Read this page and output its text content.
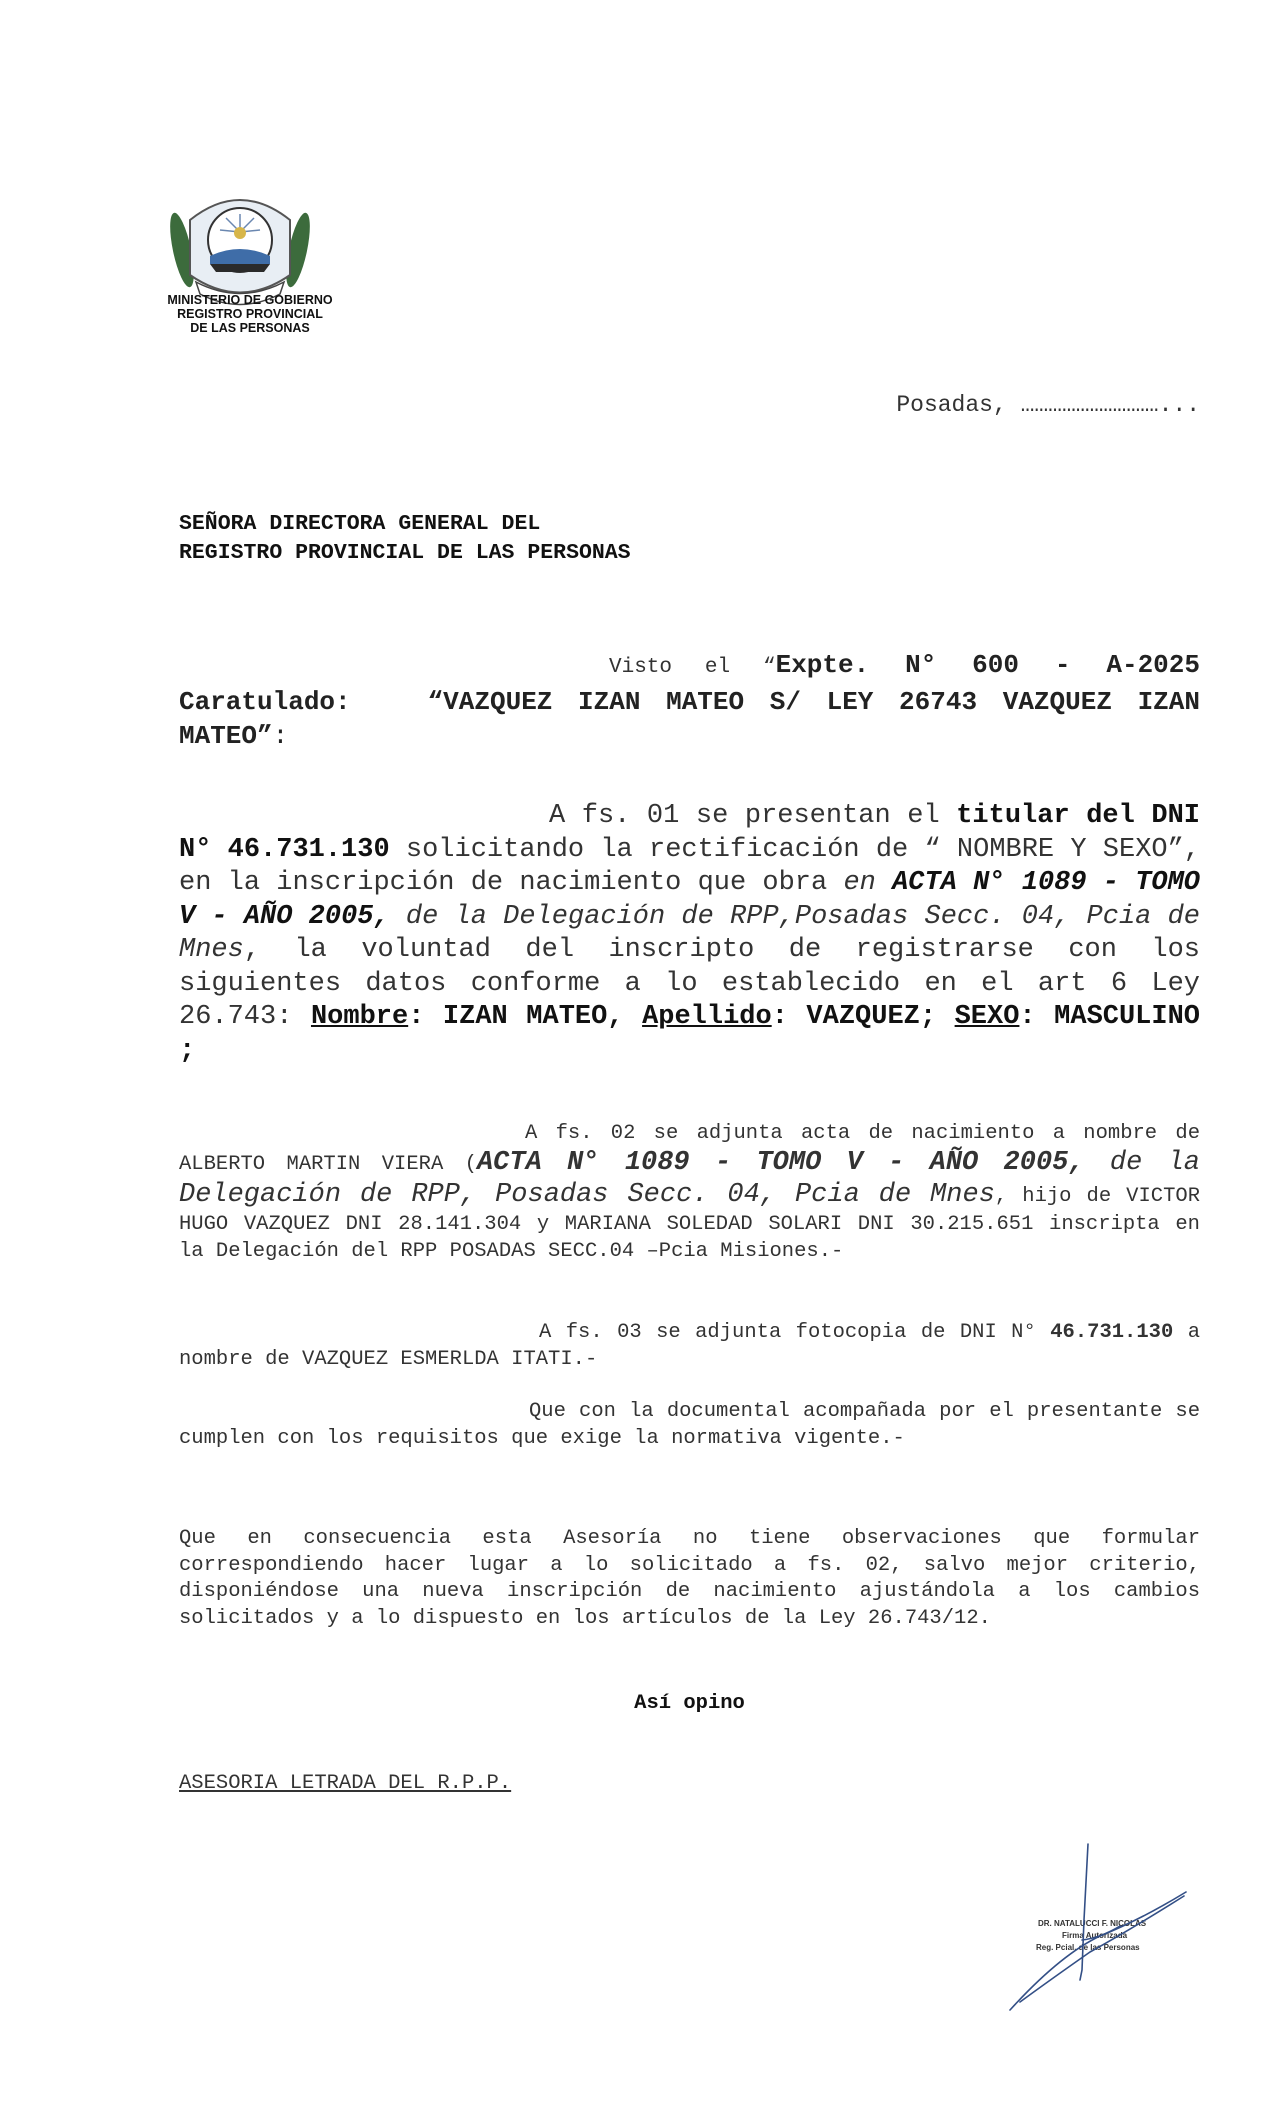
MINISTERIO DE GOBIERNO
REGISTRO PROVINCIAL
DE LAS PERSONAS
Posadas, …………………………...
SEÑORA DIRECTORA GENERAL DEL
REGISTRO PROVINCIAL DE LAS PERSONAS
Visto el “Expte. N° 600 - A-2025 Caratulado:	“VAZQUEZ IZAN MATEO S/ LEY 26743 VAZQUEZ IZAN MATEO”:

A fs. 01 se presentan el titular del DNI N° 46.731.130 solicitando la rectificación de “ NOMBRE Y SEXO”, en la inscripción de nacimiento que obra en ACTA N° 1089 - TOMO V - AÑO 2005, de la Delegación de RPP,Posadas Secc. 04, Pcia de Mnes, la voluntad del inscripto de registrarse con los siguientes datos conforme a lo establecido en el art 6 Ley 26.743: Nombre: IZAN MATEO, Apellido: VAZQUEZ; SEXO: MASCULINO ;

A fs. 02 se adjunta acta de nacimiento a nombre de ALBERTO MARTIN VIERA (ACTA N° 1089 - TOMO V - AÑO 2005, de la Delegación de RPP, Posadas Secc. 04, Pcia de Mnes, hijo de VICTOR HUGO VAZQUEZ DNI 28.141.304 y MARIANA SOLEDAD SOLARI DNI 30.215.651 inscripta en la Delegación del RPP POSADAS SECC.04 –Pcia Misiones.-

A fs. 03 se adjunta fotocopia de DNI N° 46.731.130 a nombre de VAZQUEZ ESMERLDA ITATI.-

Que con la documental acompañada por el presentante se cumplen con los requisitos que exige la normativa vigente.-

Que en consecuencia esta Asesoría no tiene observaciones que formular correspondiendo hacer lugar a lo solicitado a fs. 02, salvo mejor criterio, disponiéndose una nueva inscripción de nacimiento ajustándola a los cambios solicitados y a lo dispuesto en los artículos de la Ley 26.743/12.

Así opino
ASESORIA LETRADA DEL R.P.P.
DR. NATALUCCI F. NICOLAS
Firma Autorizada
Reg. Pcial. de las Personas
